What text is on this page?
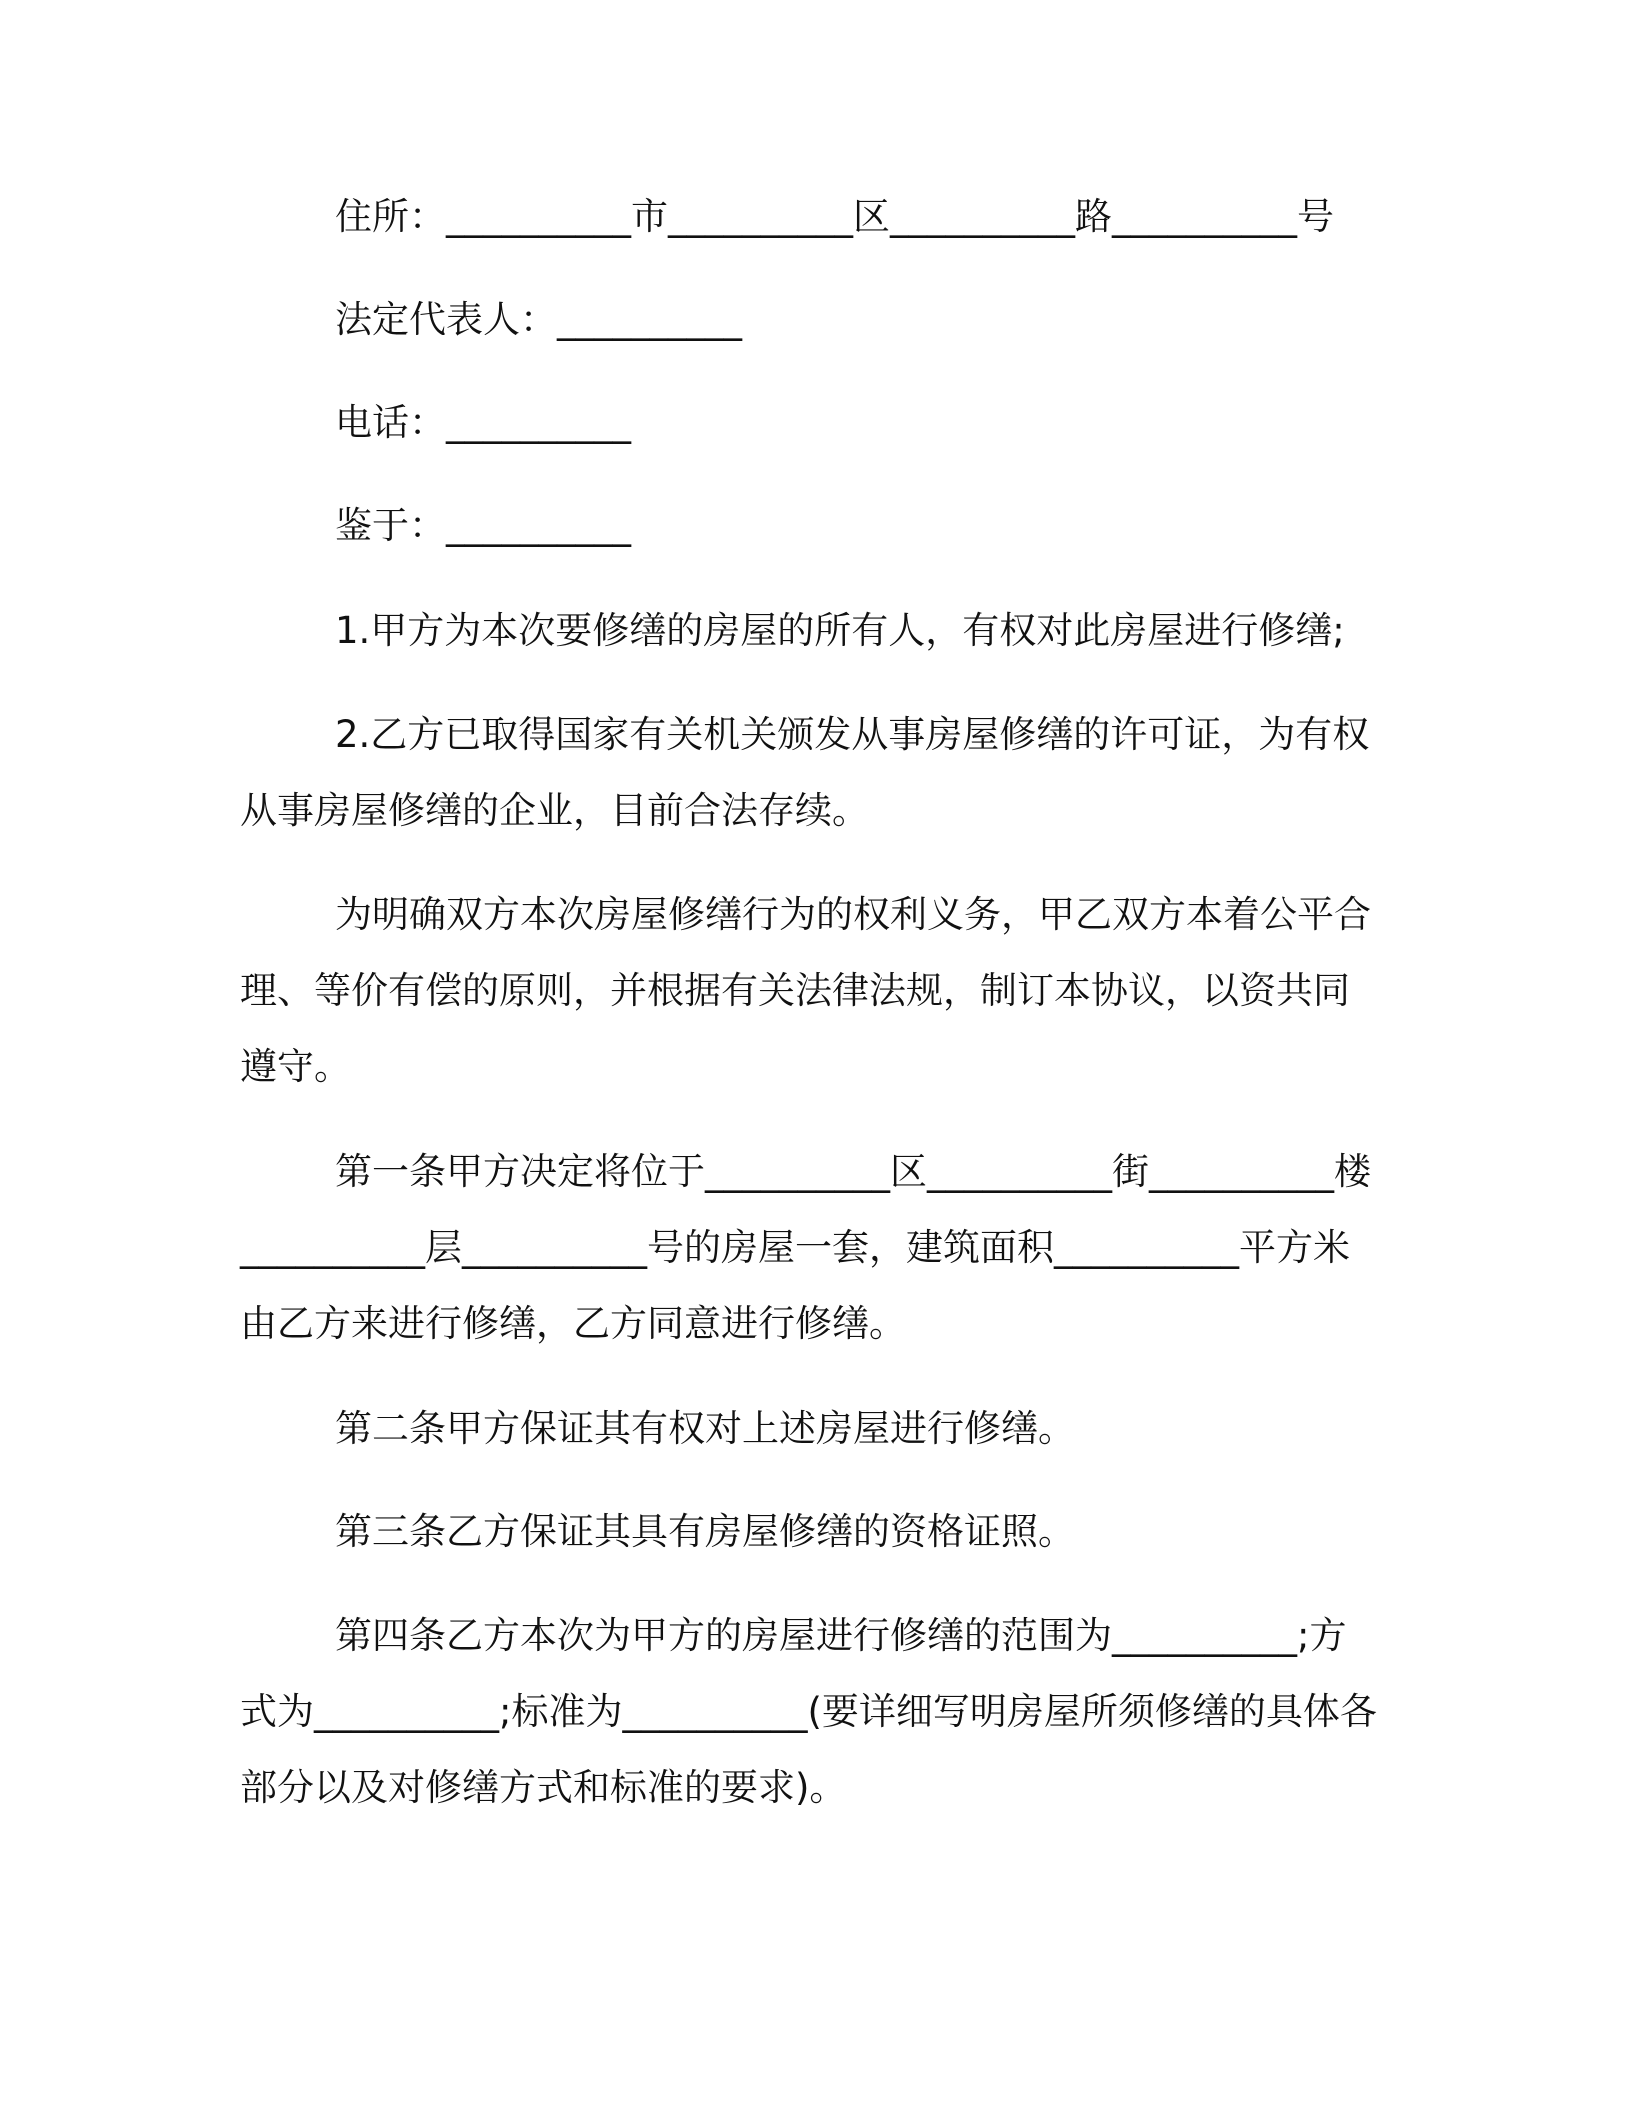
住所：__________市__________区__________路__________号
法定代表人：__________
电话：__________
鉴于：__________
1.甲方为本次要修缮的房屋的所有人，有权对此房屋进行修缮;
2.乙方已取得国家有关机关颁发从事房屋修缮的许可证，为有权
从事房屋修缮的企业，目前合法存续。
为明确双方本次房屋修缮行为的权利义务，甲乙双方本着公平合
理、等价有偿的原则，并根据有关法律法规，制订本协议，以资共同
遵守。
第一条甲方决定将位于__________区__________街__________楼
__________层__________号的房屋一套，建筑面积__________平方米
由乙方来进行修缮，乙方同意进行修缮。
第二条甲方保证其有权对上述房屋进行修缮。
第三条乙方保证其具有房屋修缮的资格证照。
第四条乙方本次为甲方的房屋进行修缮的范围为__________;方
式为__________;标准为__________(要详细写明房屋所须修缮的具体各
部分以及对修缮方式和标准的要求)。
